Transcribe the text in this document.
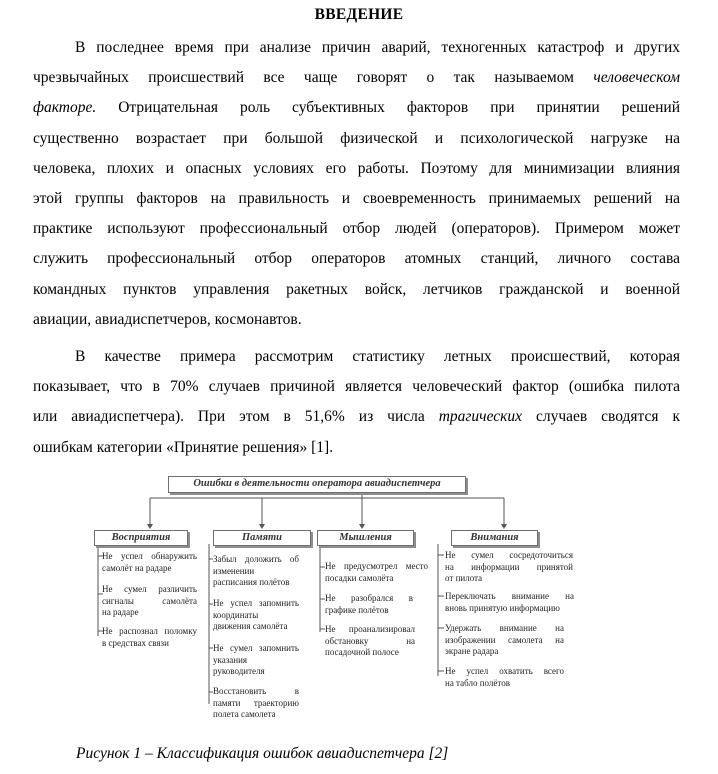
ВВЕДЕНИЕ
В последнее время при анализе причин аварий, техногенных катастроф и других
чрезвычайных происшествий все чаще говорят о так называемом человеческом
факторе. Отрицательная роль субъективных факторов при принятии решений
существенно возрастает при большой физической и психологической нагрузке на
человека, плохих и опасных условиях его работы. Поэтому для минимизации влияния
этой группы факторов на правильность и своевременность принимаемых решений на
практике используют профессиональный отбор людей (операторов). Примером может
служить профессиональный отбор операторов атомных станций, личного состава
командных пунктов управления ракетных войск, летчиков гражданской и военной
авиации, авиадиспетчеров, космонавтов.
В качестве примера рассмотрим статистику летных происшествий, которая
показывает, что в 70% случаев причиной является человеческий фактор (ошибка пилота
или авиадиспетчера). При этом в 51,6% из числа трагических случаев сводятся к
ошибкам категории «Принятие решения» [1].
Ошибки в деятельности оператора авиадиспетчера
Восприятия	Памяти	Мышления	Внимания
Не успел обнаружить
самолёт на радаре
Не сумел различить
сигналы самолёта
на радаре
Не распознал поломку
в средствах связи
Забыл доложить об
изменении
расписания полётов
Не успел запомнить
координаты
движения самолёта
Не сумел запомнить
указания
руководителя
Восстановить в
памяти траекторию
полета самолета
Не предусмотрел место
посадки самолёта
Не разобрался в
графике полётов
Не проанализировал
обстановку на
посадочной полосе
Не сумел сосредоточиться
на информации принятой
от пилота
Переключать внимание на
вновь принятую информацию
Удержать внимание на
изображении самолета на
экране радара
Не успел охватить всего
на табло полётов
Рисунок 1 – Классификация ошибок авиадиспетчера [2]
